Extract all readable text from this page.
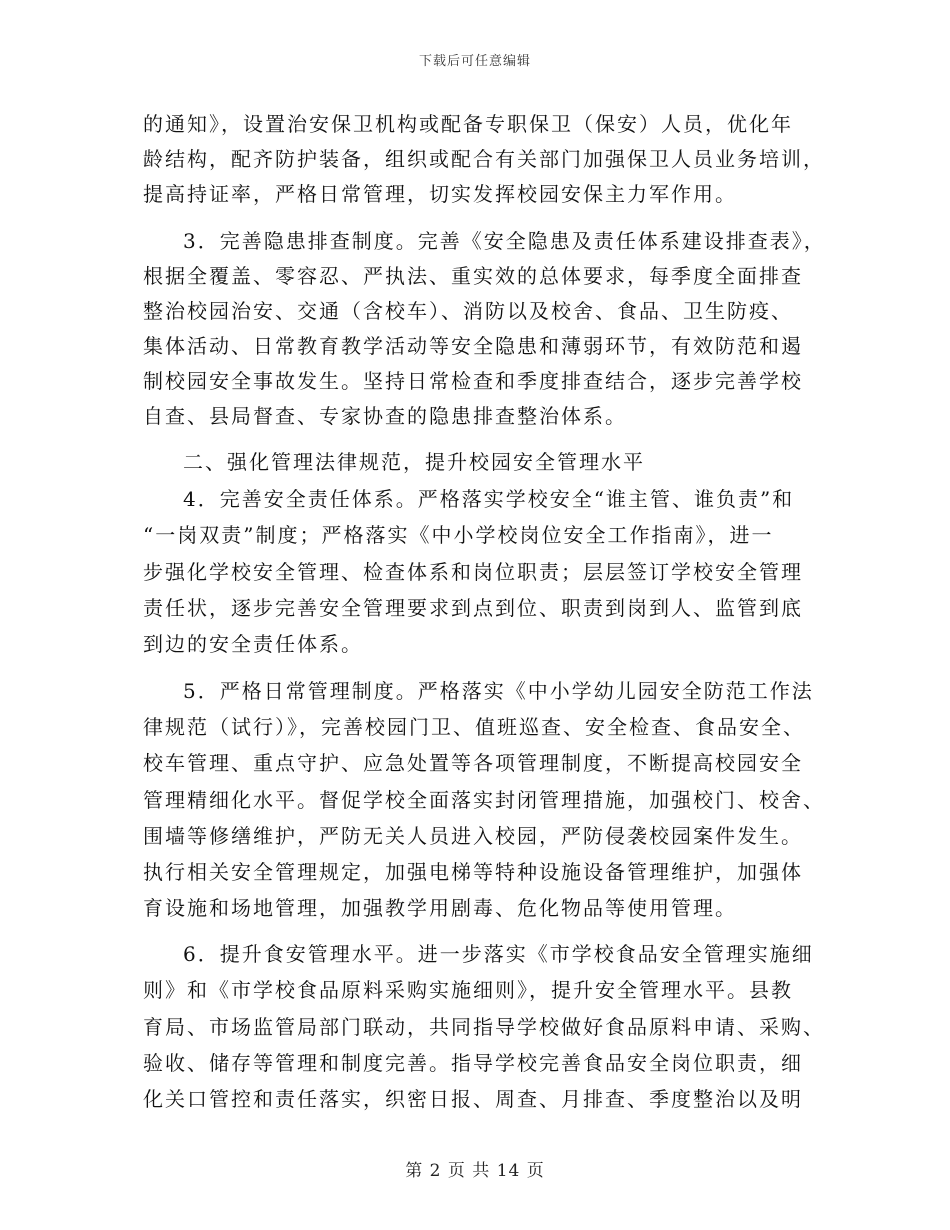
下载后可任意编辑
的通知》，设置治安保卫机构或配备专职保卫（保安）人员，优化年
龄结构，配齐防护装备，组织或配合有关部门加强保卫人员业务培训，
提高持证率，严格日常管理，切实发挥校园安保主力军作用。
3．完善隐患排查制度。完善《安全隐患及责任体系建设排查表》，
根据全覆盖、零容忍、严执法、重实效的总体要求，每季度全面排查
整治校园治安、交通（含校车）、消防以及校舍、食品、卫生防疫、
集体活动、日常教育教学活动等安全隐患和薄弱环节，有效防范和遏
制校园安全事故发生。坚持日常检查和季度排查结合，逐步完善学校
自查、县局督查、专家协查的隐患排查整治体系。
二、强化管理法律规范，提升校园安全管理水平
4．完善安全责任体系。严格落实学校安全“谁主管、谁负责”和
“一岗双责”制度；严格落实《中小学校岗位安全工作指南》，进一
步强化学校安全管理、检查体系和岗位职责；层层签订学校安全管理
责任状，逐步完善安全管理要求到点到位、职责到岗到人、监管到底
到边的安全责任体系。
5．严格日常管理制度。严格落实《中小学幼儿园安全防范工作法
律规范（试行）》，完善校园门卫、值班巡查、安全检查、食品安全、
校车管理、重点守护、应急处置等各项管理制度，不断提高校园安全
管理精细化水平。督促学校全面落实封闭管理措施，加强校门、校舍、
围墙等修缮维护，严防无关人员进入校园，严防侵袭校园案件发生。
执行相关安全管理规定，加强电梯等特种设施设备管理维护，加强体
育设施和场地管理，加强教学用剧毒、危化物品等使用管理。
6．提升食安管理水平。进一步落实《市学校食品安全管理实施细
则》和《市学校食品原料采购实施细则》，提升安全管理水平。县教
育局、市场监管局部门联动，共同指导学校做好食品原料申请、采购、
验收、储存等管理和制度完善。指导学校完善食品安全岗位职责，细
化关口管控和责任落实，织密日报、周查、月排查、季度整治以及明
第 2 页 共 14 页
